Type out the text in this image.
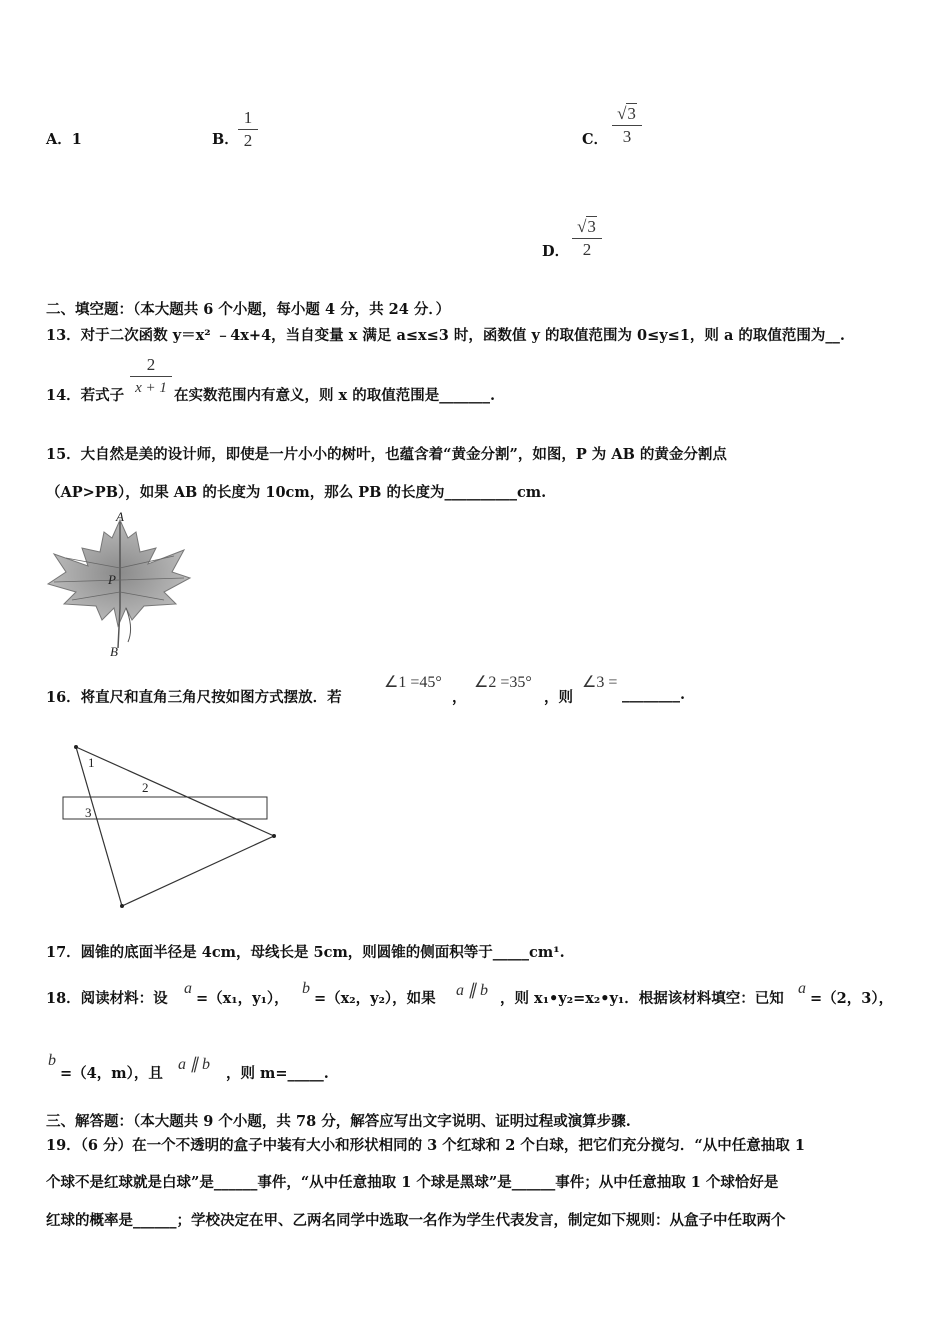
A．1	B．
1
2	C．
√3
3
D．
√3
2
二、填空题：（本大题共 6 个小题，每小题 4 分，共 24 分．）
13．对于二次函数 y＝x² ﹣4x+4，当自变量 x 满足 a≤x≤3 时，函数值 y 的取值范围为 0≤y≤1，则 a 的取值范围为__.
14．若式子
2
x + 1 在实数范围内有意义，则 x 的取值范围是_______.
15．大自然是美的设计师，即使是一片小小的树叶，也蕴含着“黄金分割”，如图，P 为 AB 的黄金分割点
（AP>PB），如果 AB 的长度为 10cm，那么 PB 的长度为__________cm.
A
P
B
16．将直尺和直角三角尺按如图方式摆放．若
∠1 =45°
，
∠2 =35°
，则
∠3 =
________.
1
2
3
17．圆锥的底面半径是 4cm，母线长是 5cm，则圆锥的侧面积等于_____cm¹.
18．阅读材料：设
a
=（x₁，y₁），
b
=（x₂，y₂），如果 a ∥ b ，则 x₁•y₂=x₂•y₁．根据该材料填空：已知
a
=（2，3），
b
=（4，m），且
a ∥ b
，则 m=_____.
三、解答题：（本大题共 9 个小题，共 78 分，解答应写出文字说明、证明过程或演算步骤.
19．（6 分）在一个不透明的盒子中装有大小和形状相同的 3 个红球和 2 个白球，把它们充分搅匀．“从中任意抽取 1
个球不是红球就是白球”是______事件，“从中任意抽取 1 个球是黑球”是______事件；从中任意抽取 1 个球恰好是
红球的概率是______；学校决定在甲、乙两名同学中选取一名作为学生代表发言，制定如下规则：从盒子中任取两个
